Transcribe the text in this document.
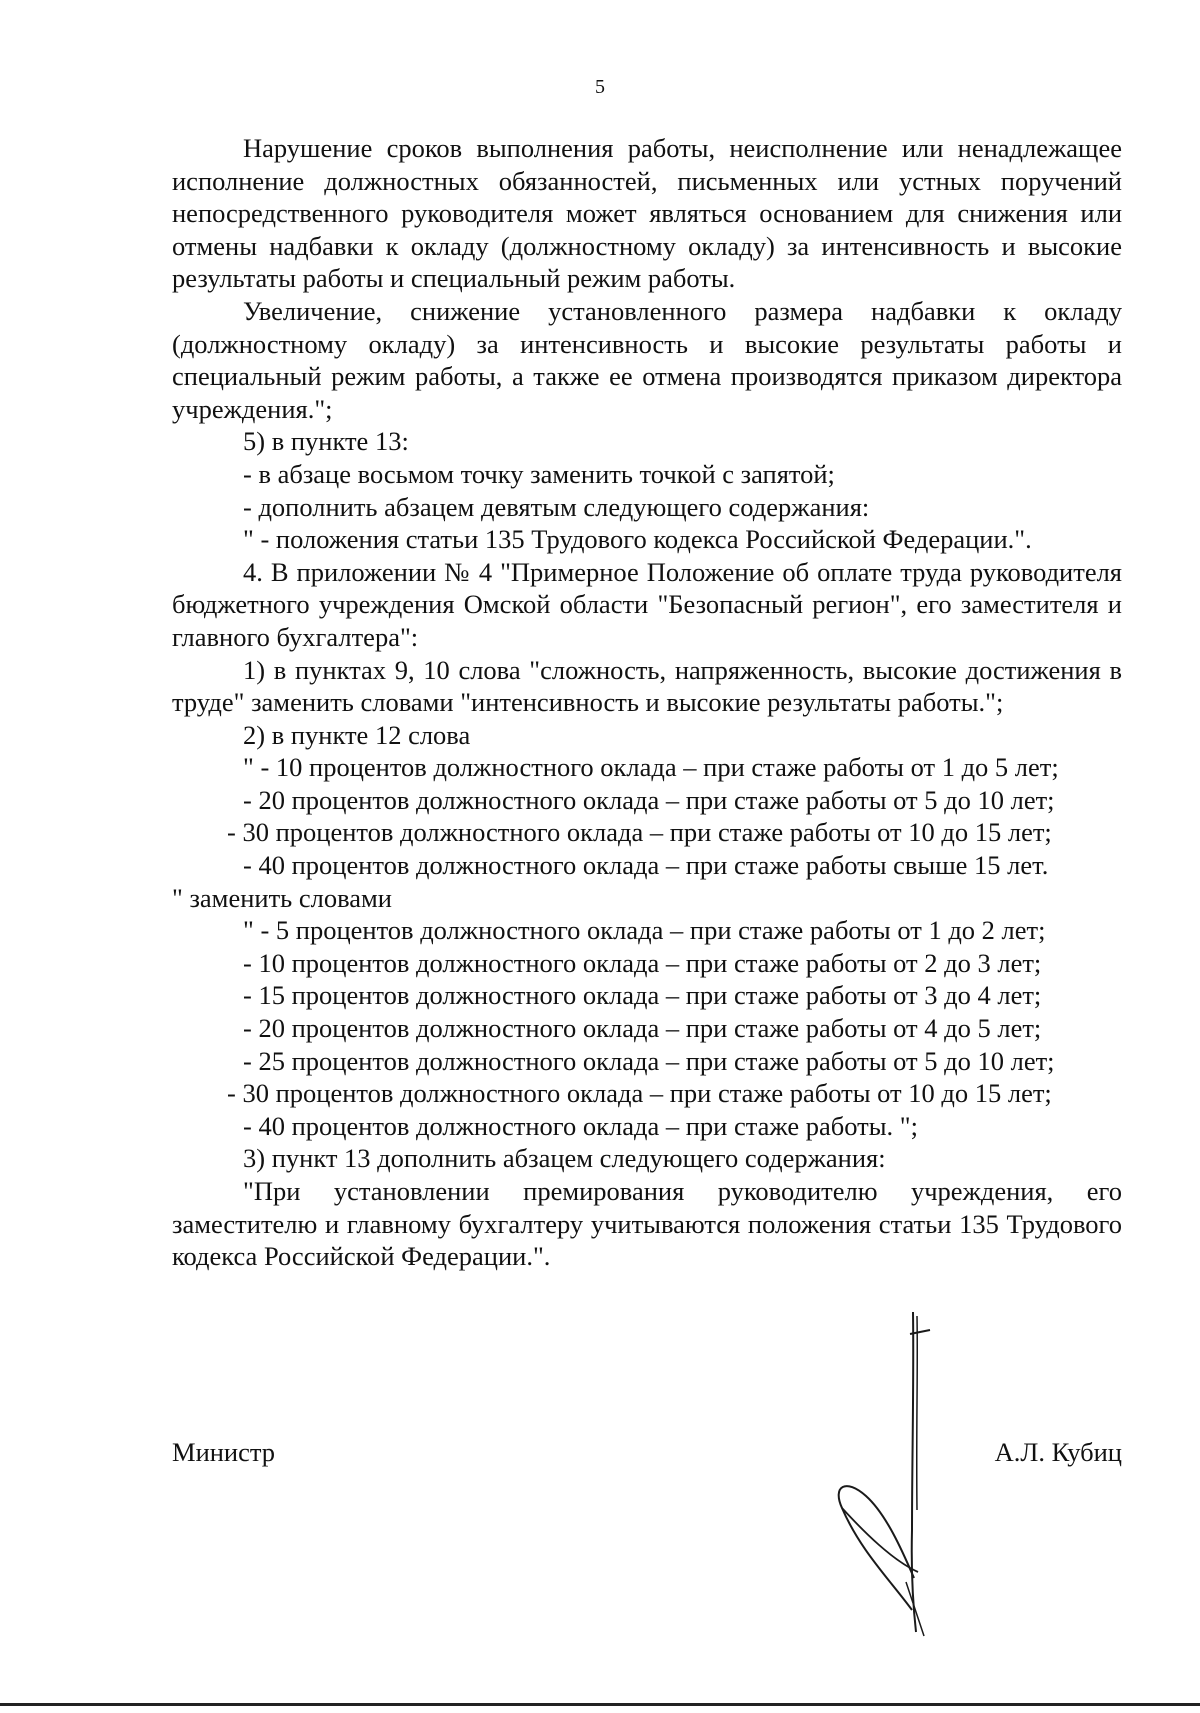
5

Нарушение сроков выполнения работы, неисполнение или ненадлежащее исполнение должностных обязанностей, письменных или устных поручений непосредственного руководителя может являться основанием для снижения или отмены надбавки к окладу (должностному окладу) за интенсивность и высокие результаты работы и специальный режим работы.

Увеличение, снижение установленного размера надбавки к окладу (должностному окладу) за интенсивность и высокие результаты работы и специальный режим работы, а также ее отмена производятся приказом директора учреждения.";

5) в пункте 13:

- в абзаце восьмом точку заменить точкой с запятой;

- дополнить абзацем девятым следующего содержания:

" - положения статьи 135 Трудового кодекса Российской Федерации.".

4. В приложении № 4 "Примерное Положение об оплате труда руководителя бюджетного учреждения Омской области "Безопасный регион", его заместителя и главного бухгалтера":

1) в пунктах 9, 10 слова "сложность, напряженность, высокие достижения в труде" заменить словами "интенсивность и высокие результаты работы.";

2) в пункте 12 слова

" - 10 процентов должностного оклада – при стаже работы от 1 до 5 лет;

- 20 процентов должностного оклада – при стаже работы от 5 до 10 лет;

- 30 процентов должностного оклада – при стаже работы от 10 до 15 лет;

- 40 процентов должностного оклада – при стаже работы свыше 15 лет.

" заменить словами

" - 5 процентов должностного оклада – при стаже работы от 1 до 2 лет;

- 10 процентов должностного оклада – при стаже работы от 2 до 3 лет;

- 15 процентов должностного оклада – при стаже работы от 3 до 4 лет;

- 20 процентов должностного оклада – при стаже работы от 4 до 5 лет;

- 25 процентов должностного оклада – при стаже работы от 5 до 10 лет;

- 30 процентов должностного оклада – при стаже работы от 10 до 15 лет;

- 40 процентов должностного оклада – при стаже работы. ";

3) пункт 13 дополнить абзацем следующего содержания:

"При установлении премирования руководителю учреждения, его заместителю и главному бухгалтеру учитываются положения статьи 135 Трудового кодекса Российской Федерации.".

Министр	А.Л. Кубиц
